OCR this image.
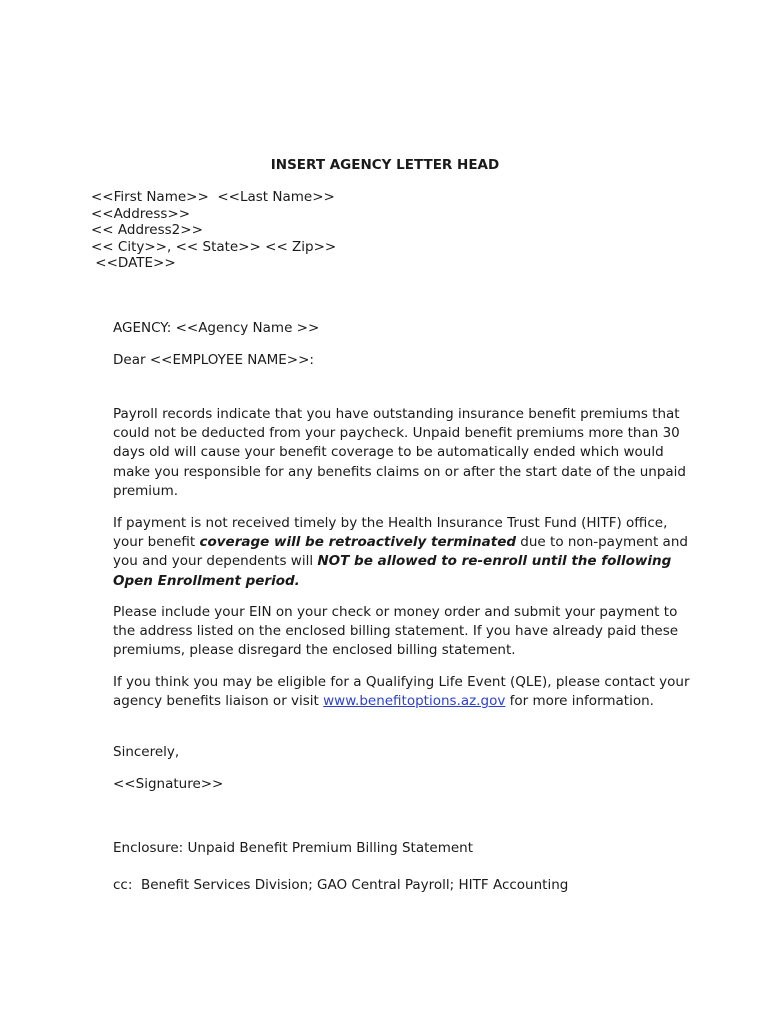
INSERT AGENCY LETTER HEAD
<<First Name>>  <<Last Name>>
<<Address>>
<< Address2>>
<< City>>, << State>> << Zip>>
<<DATE>>
AGENCY: <<Agency Name >>
Dear <<EMPLOYEE NAME>>:
Payroll records indicate that you have outstanding insurance benefit premiums that could not be deducted from your paycheck. Unpaid benefit premiums more than 30 days old will cause your benefit coverage to be automatically ended which would make you responsible for any benefits claims on or after the start date of the unpaid premium.
If payment is not received timely by the Health Insurance Trust Fund (HITF) office, your benefit coverage will be retroactively terminated due to non-payment and you and your dependents will NOT be allowed to re-enroll until the following Open Enrollment period.
Please include your EIN on your check or money order and submit your payment to the address listed on the enclosed billing statement. If you have already paid these premiums, please disregard the enclosed billing statement.
If you think you may be eligible for a Qualifying Life Event (QLE), please contact your agency benefits liaison or visit www.benefitoptions.az.gov for more information.
Sincerely,
<<Signature>>
Enclosure: Unpaid Benefit Premium Billing Statement
cc:  Benefit Services Division; GAO Central Payroll; HITF Accounting
